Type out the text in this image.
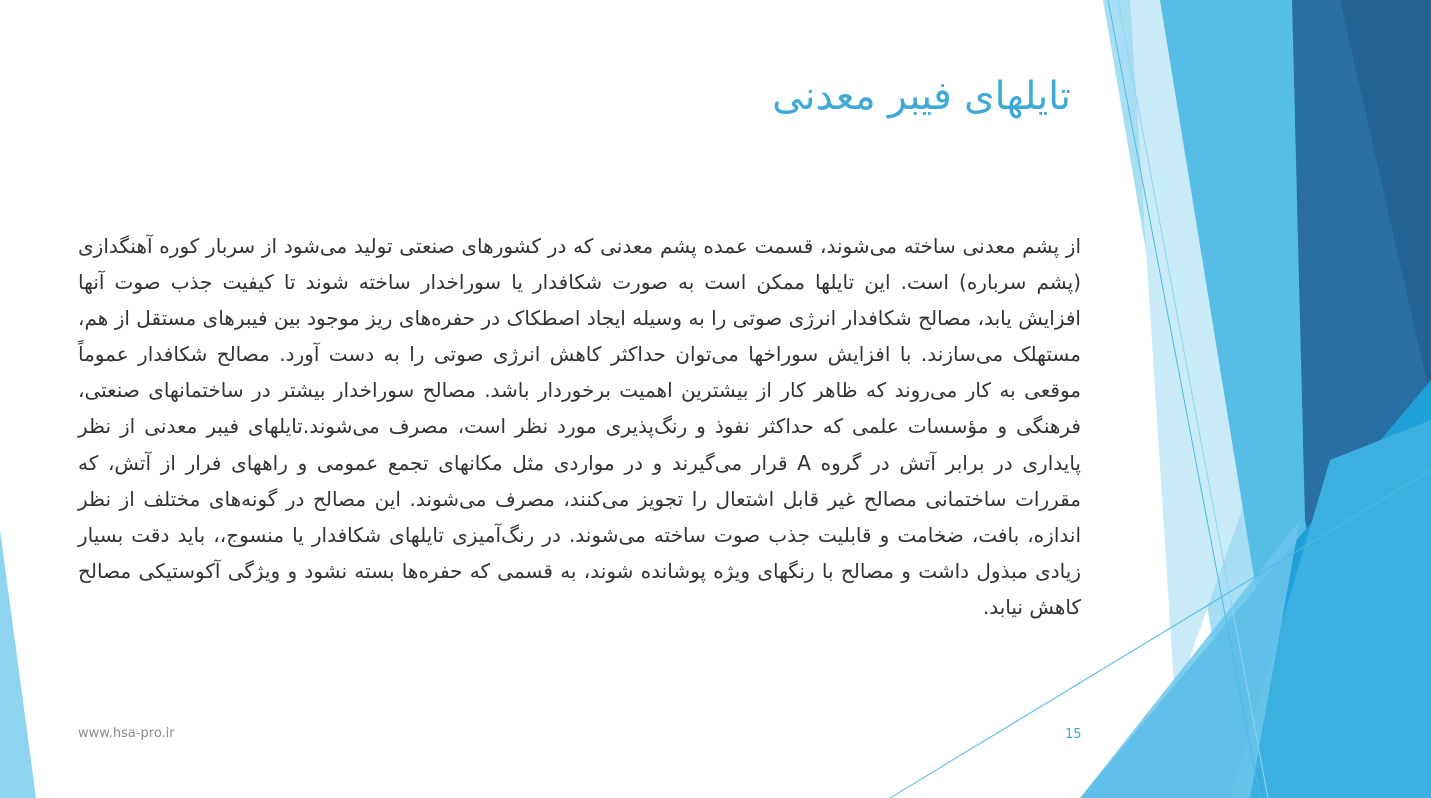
تایلهای فیبر معدنی

از پشم معدنی ساخته می‌شوند، قسمت عمده پشم معدنی که در کشورهای صنعتی تولید می‌شود از سربار کوره آهنگدازی (پشم سرباره) است. این تایلها ممکن است به صورت شکافدار یا سوراخدار ساخته شوند تا کیفیت جذب صوت آنها افزایش یابد، مصالح شکافدار انرژی صوتی را به وسیله ایجاد اصطکاک در حفره‌های ریز موجود بین فیبرهای مستقل از هم، مستهلک می‌سازند. با افزایش سوراخها می‌توان حداکثر کاهش انرژی صوتی را به دست آورد. مصالح شکافدار عموماً موقعی به کار می‌روند که ظاهر کار از بیشترین اهمیت برخوردار باشد. مصالح سوراخدار بیشتر در ساختمانهای صنعتی، فرهنگی و مؤسسات علمی که حداکثر نفوذ و رنگ‌پذیری مورد نظر است، مصرف می‌شوند.تایلهای فیبر معدنی از نظر پایداری در برابر آتش در گروه A قرار می‌گیرند و در مواردی مثل مکانهای تجمع عمومی و راههای فرار از آتش، که مقررات ساختمانی مصالح غیر قابل اشتعال را تجویز می‌کنند، مصرف می‌شوند. این مصالح در گونه‌های مختلف از نظر اندازه، بافت، ضخامت و قابلیت جذب صوت ساخته می‌شوند. در رنگ‌آمیزی تایلهای شکافدار یا منسوج،، باید دقت بسیار زیادی مبذول داشت و مصالح با رنگهای ویژه پوشانده شوند، به قسمی که حفره‌ها بسته نشود و ویژگی آکوستیکی مصالح کاهش نیابد.

www.hsa-pro.ir	15
